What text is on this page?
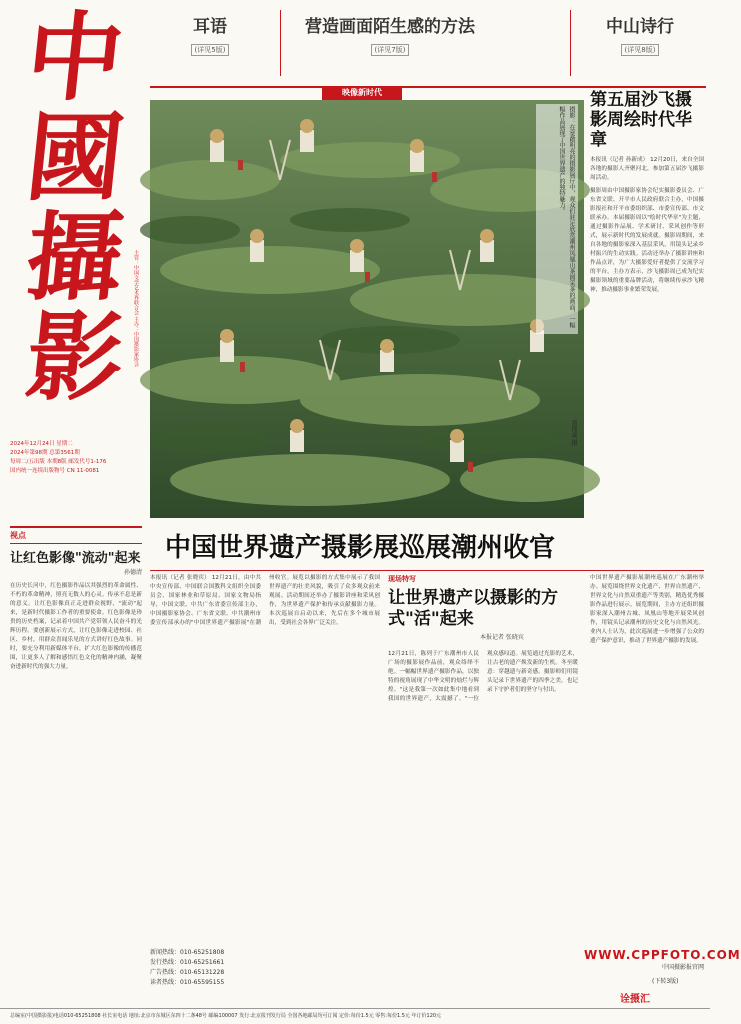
耳语
(详见5版)
营造画面陌生感的方法
(详见7版)
中山诗行
(详见8版)
中
國
攝
影 主管：中国文学艺术界联合会 主办：中国摄影家协会
2024年12月24日 星期二
2024年第98期 总第3561期
每周二/五出版 本期8版 邮发代号1-176
国内统一连续出版物号 CN 11-0081
映像新时代
摄影：在宽敞明亮的摄影展厅中，观众们驻足欣赏潮州凤凰山茶园采茶的画面，一幅幅作品展现了中国世界遗产的独特魅力。
黄伟成 摄
第五届沙飞摄影周绘时代华章
本报讯（记者 孙新成） 12月20日，来自全国各地的摄影人齐聚河北，参加第五届沙飞摄影周活动。
摄影周由中国摄影家协会纪实摄影委员会、广东省文联、开平市人民政府联合主办，中国摄影报社和开平市委组织部、市委宣传部、市文联承办。本届摄影周以"绘时代华章"为主题，通过摄影作品展、学术研讨、采风创作等形式，展示新时代的发展成就。摄影周期间，来自各地的摄影家深入基层采风，用镜头记录乡村振兴的生动实践。活动还举办了摄影讲座和作品点评，为广大摄影爱好者提供了交流学习的平台。主办方表示，沙飞摄影周已成为纪实摄影领域的重要品牌活动，将继续传承沙飞精神，推动摄影事业繁荣发展。
视点
让红色影像"流动"起来
孙德清
在历史长河中，红色摄影作品以其强烈的革命属性、不朽的革命精神，照亮无数人的心灵。传承不息是新的意义。让红色影像真正走进群众视野，"流动"起来，是新时代摄影工作者的重要使命。红色影像是珍贵的历史档案，记录着中国共产党带领人民奋斗的光辉历程。要创新展示方式，让红色影像走进校园、社区、乡村，用群众喜闻乐见的方式讲好红色故事。同时，要充分利用新媒体平台，扩大红色影像的传播范围，让更多人了解和感悟红色文化的精神内涵，凝聚奋进新时代的强大力量。
中国世界遗产摄影展巡展潮州收官
本报讯（记者 张晓宾） 12月21日，由中共中央宣传部、中国联合国教科文组织全国委员会、国家林业和草原局、国家文物局指导，中国文联、中共广东省委宣传部主办，中国摄影家协会、广东省文联、中共潮州市委宣传部承办的"中国世界遗产摄影展"在潮州收官。展览以摄影的方式集中展示了我国世界遗产的壮美风貌，吸引了众多观众前来观展。活动期间还举办了摄影讲座和采风创作，为世界遗产保护和传承贡献摄影力量。本次巡展自启动以来，先后在多个城市展出，受到社会各界广泛关注。
现场特写
让世界遗产以摄影的方式"活"起来
本报记者 张晓宾
12月21日，陈列于广东潮州市人民广场的摄影展作品前，观众络绎不绝。一幅幅世界遗产摄影作品，以独特的视角展现了中华文明的灿烂与辉煌。"这是我第一次如此集中地看到我国的世界遗产，太震撼了。"一位观众感叹道。展览通过光影的艺术，让古老的遗产焕发新的生机。冬至暖意：穿越遗与新奇感。摄影师们用镜头记录下世界遗产的四季之美，也记录下守护者们的坚守与付出。
中国世界遗产摄影展潮州巡展在广东潮州举办。展览围绕世界文化遗产、世界自然遗产、世界文化与自然双重遗产等类别，精选优秀摄影作品进行展示。展览期间，主办方还组织摄影家深入潮州古城、凤凰山等地开展采风创作，用镜头记录潮州的历史文化与自然风光。业内人士认为，此次巡展进一步增强了公众的遗产保护意识，推动了世界遗产摄影的发展。
(下转3版)
新闻热线：010-65251808
发行热线：010-65251661
广告热线：010-65131228
读者热线：010-65595155
WWW.CPPFOTO.COM
中国摄影报官网
诠摄汇
总编室(中国摄影报)电话010-65251808 社长室电话 地址:北京市东城区东四十二条48号 邮编100007 发行:北京报刊发行局 全国各地邮局均可订阅 定价:每份1.5元 零售:每份1.5元 年订价120元
